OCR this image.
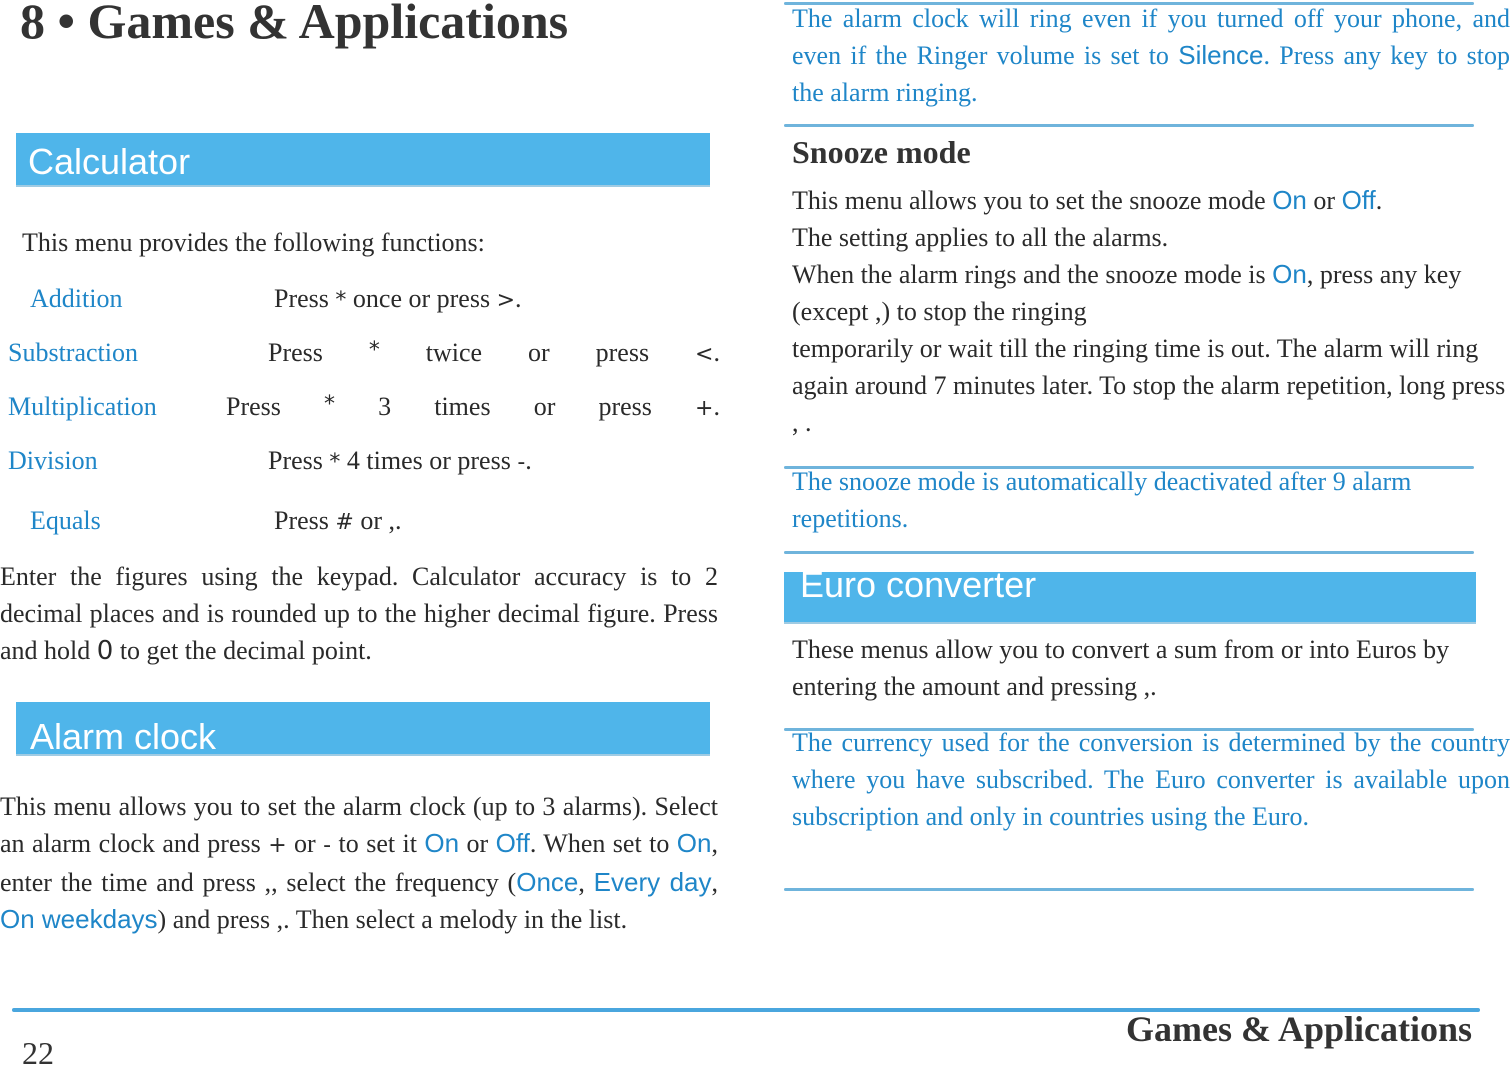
8 • Games & Applications
Calculator
This menu provides the following functions:
Addition	Press * once or press >.
Substraction	Press * twice or press <.
Multiplication	Press * 3 times or press +.
Division	Press * 4 times or press -.
Equals	Press # or ,.
Enter the figures using the keypad. Calculator accuracy is to 2 decimal places and is rounded up to the higher decimal figure. Press and hold 0 to get the decimal point.
Alarm clock
This menu allows you to set the alarm clock (up to 3 alarms). Select an alarm clock and press + or - to set it On or Off. When set to On, enter the time and press ,, select the frequency (Once, Every day, On weekdays) and press ,. Then select a melody in the list.
The alarm clock will ring even if you turned off your phone, and even if the Ringer volume is set to Silence. Press any key to stop the alarm ringing.
Snooze mode
This menu allows you to set the snooze mode On or Off.
The setting applies to all the alarms.
When the alarm rings and the snooze mode is On, press any key (except ,) to stop the ringing
temporarily or wait till the ringing time is out. The alarm will ring again around 7 minutes later. To stop the alarm repetition, long press , .
The snooze mode is automatically deactivated after 9 alarm repetitions.
Euro converter
These menus allow you to convert a sum from or into Euros by entering the amount and pressing ,.
The currency used for the conversion is determined by the country where you have subscribed. The Euro converter is available upon subscription and only in countries using the Euro.
Games & Applications
22
